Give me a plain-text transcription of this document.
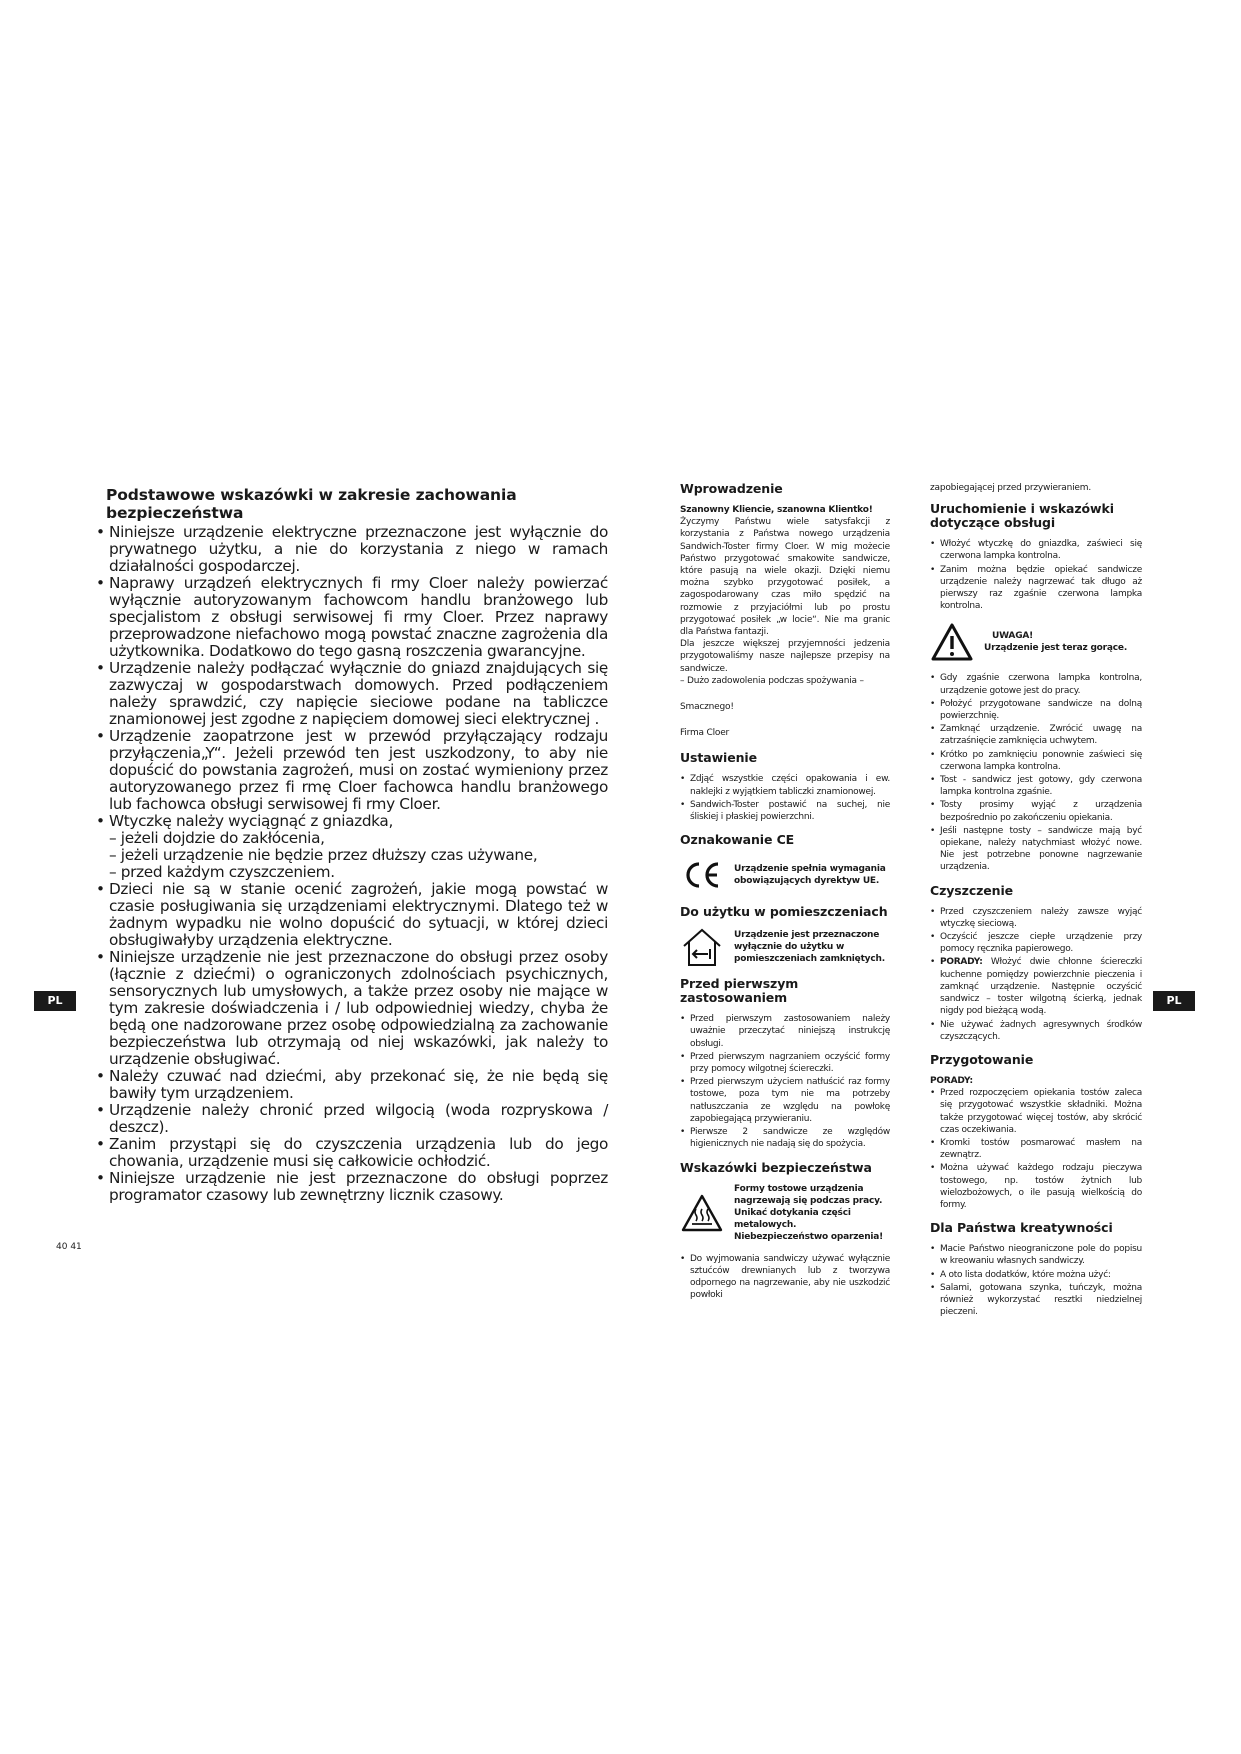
Podstawowe wskazówki w zakresie zachowania bezpieczeństwa
• Niniejsze urządzenie elektryczne przeznaczone jest wyłącznie do prywatnego użytku, a nie do korzystania z niego w ramach działalności gospodarczej.
• Naprawy urządzeń elektrycznych fi rmy Cloer należy powierzać wyłącznie autoryzowanym fachowcom handlu branżowego lub specjalistom z obsługi serwisowej fi rmy Cloer. Przez naprawy przeprowadzone niefachowo mogą powstać znaczne zagrożenia dla użytkownika. Dodatkowo do tego gasną roszczenia gwarancyjne.
• Urządzenie należy podłączać wyłącznie do gniazd znajdujących się zazwyczaj w gospodarstwach domowych. Przed podłączeniem należy sprawdzić, czy napięcie sieciowe podane na tabliczce znamionowej jest zgodne z napięciem domowej sieci elektrycznej .
• Urządzenie zaopatrzone jest w przewód przyłączający rodzaju przyłączenia„Y“. Jeżeli przewód ten jest uszkodzony, to aby nie dopuścić do powstania zagrożeń, musi on zostać wymieniony przez autoryzowanego przez fi rmę Cloer fachowca handlu branżowego lub fachowca obsługi serwisowej fi rmy Cloer.
• Wtyczkę należy wyciągnąć z gniazdka,
– jeżeli dojdzie do zakłócenia,
– jeżeli urządzenie nie będzie przez dłuższy czas używane,
– przed każdym czyszczeniem.
• Dzieci nie są w stanie ocenić zagrożeń, jakie mogą powstać w czasie posługiwania się urządzeniami elektrycznymi. Dlatego też w żadnym wypadku nie wolno dopuścić do sytuacji, w której dzieci obsługiwałyby urządzenia elektryczne.
• Niniejsze urządzenie nie jest przeznaczone do obsługi przez osoby (łącznie z dziećmi) o ograniczonych zdolnościach psychicznych, sensorycznych lub umysłowych, a także przez osoby nie mające w tym zakresie doświadczenia i / lub odpowiedniej wiedzy, chyba że będą one nadzorowane przez osobę odpowiedzialną za zachowanie bezpieczeństwa lub otrzymają od niej wskazówki, jak należy to urządzenie obsługiwać.
• Należy czuwać nad dziećmi, aby przekonać się, że nie będą się bawiły tym urządzeniem.
• Urządzenie należy chronić przed wilgocią (woda rozpryskowa / deszcz).
• Zanim przystąpi się do czyszczenia urządzenia lub do jego chowania, urządzenie musi się całkowicie ochłodzić.
• Niniejsze urządzenie nie jest przeznaczone do obsługi poprzez programator czasowy lub zewnętrzny licznik czasowy.
PL
40 41
Wprowadzenie

Szanowny Kliencie, szanowna Klientko!

Życzymy Państwu wiele satysfakcji z korzystania z Państwa nowego urządzenia Sandwich-Toster firmy Cloer. W mig możecie Państwo przygotować smakowite sandwicze, które pasują na wiele okazji. Dzięki niemu można szybko przygotować posiłek, a zagospodarowany czas miło spędzić na rozmowie z przyjaciółmi lub po prostu przygotować posiłek „w locie“. Nie ma granic dla Państwa fantazji.

Dla jeszcze większej przyjemności jedzenia przygotowaliśmy nasze najlepsze przepisy na sandwicze.

– Dużo zadowolenia podczas spożywania –

Smacznego!

Firma Cloer

Ustawienie
• Zdjąć wszystkie części opakowania i ew. naklejki z wyjątkiem tabliczki znamionowej.
• Sandwich-Toster postawić na suchej, nie śliskiej i płaskiej powierzchni.
Oznakowanie CE
Urządzenie spełnia wymagania obowiązujących dyrektyw UE.
Do użytku w pomieszczeniach
Urządzenie jest przeznaczone wyłącznie do użytku w pomieszczeniach zamkniętych.
Przed pierwszym zastosowaniem
• Przed pierwszym zastosowaniem należy uważnie przeczytać niniejszą instrukcję obsługi.
• Przed pierwszym nagrzaniem oczyścić formy przy pomocy wilgotnej ściereczki.
• Przed pierwszym użyciem natłuścić raz formy tostowe, poza tym nie ma potrzeby natłuszczania ze względu na powłokę zapobiegającą przywieraniu.
• Pierwsze 2 sandwicze ze względów higienicznych nie nadają się do spożycia.
Wskazówki bezpieczeństwa
Formy tostowe urządzenia nagrzewają się podczas pracy. Unikać dotykania części metalowych. Niebezpieczeństwo oparzenia!
• Do wyjmowania sandwiczy używać wyłącznie sztućców drewnianych lub z tworzywa odpornego na nagrzewanie, aby nie uszkodzić powłoki

zapobiegającej przed przywieraniem.

Uruchomienie i wskazówki dotyczące obsługi
• Włożyć wtyczkę do gniazdka, zaświeci się czerwona lampka kontrolna.
• Zanim można będzie opiekać sandwicze urządzenie należy nagrzewać tak długo aż pierwszy raz zgaśnie czerwona lampka kontrolna.
UWAGA!
Urządzenie jest teraz gorące.
• Gdy zgaśnie czerwona lampka kontrolna, urządzenie gotowe jest do pracy.
• Położyć przygotowane sandwicze na dolną powierzchnię.
• Zamknąć urządzenie. Zwrócić uwagę na zatrzaśnięcie zamknięcia uchwytem.
• Krótko po zamknięciu ponownie zaświeci się czerwona lampka kontrolna.
• Tost - sandwicz jest gotowy, gdy czerwona lampka kontrolna zgaśnie.
• Tosty prosimy wyjąć z urządzenia bezpośrednio po zakończeniu opiekania.
• Jeśli następne tosty – sandwicze mają być opiekane, należy natychmiast włożyć nowe. Nie jest potrzebne ponowne nagrzewanie urządzenia.
Czyszczenie
• Przed czyszczeniem należy zawsze wyjąć wtyczkę sieciową.
• Oczyścić jeszcze ciepłe urządzenie przy pomocy ręcznika papierowego.
• PORADY: Włożyć dwie chłonne ściereczki kuchenne pomiędzy powierzchnie pieczenia i zamknąć urządzenie. Następnie oczyścić sandwicz – toster wilgotną ścierką, jednak nigdy pod bieżącą wodą.
• Nie używać żadnych agresywnych środków czyszczących.
Przygotowanie

PORADY:

• Przed rozpoczęciem opiekania tostów zaleca się przygotować wszystkie składniki. Można także przygotować więcej tostów, aby skrócić czas oczekiwania.
• Kromki tostów posmarować masłem na zewnątrz.
• Można używać każdego rodzaju pieczywa tostowego, np. tostów żytnich lub wielozbożowych, o ile pasują wielkością do formy.
Dla Państwa kreatywności
• Macie Państwo nieograniczone pole do popisu w kreowaniu własnych sandwiczy.
• A oto lista dodatków, które można użyć:
• Salami, gotowana szynka, tuńczyk, można również wykorzystać resztki niedzielnej pieczeni.
PL
